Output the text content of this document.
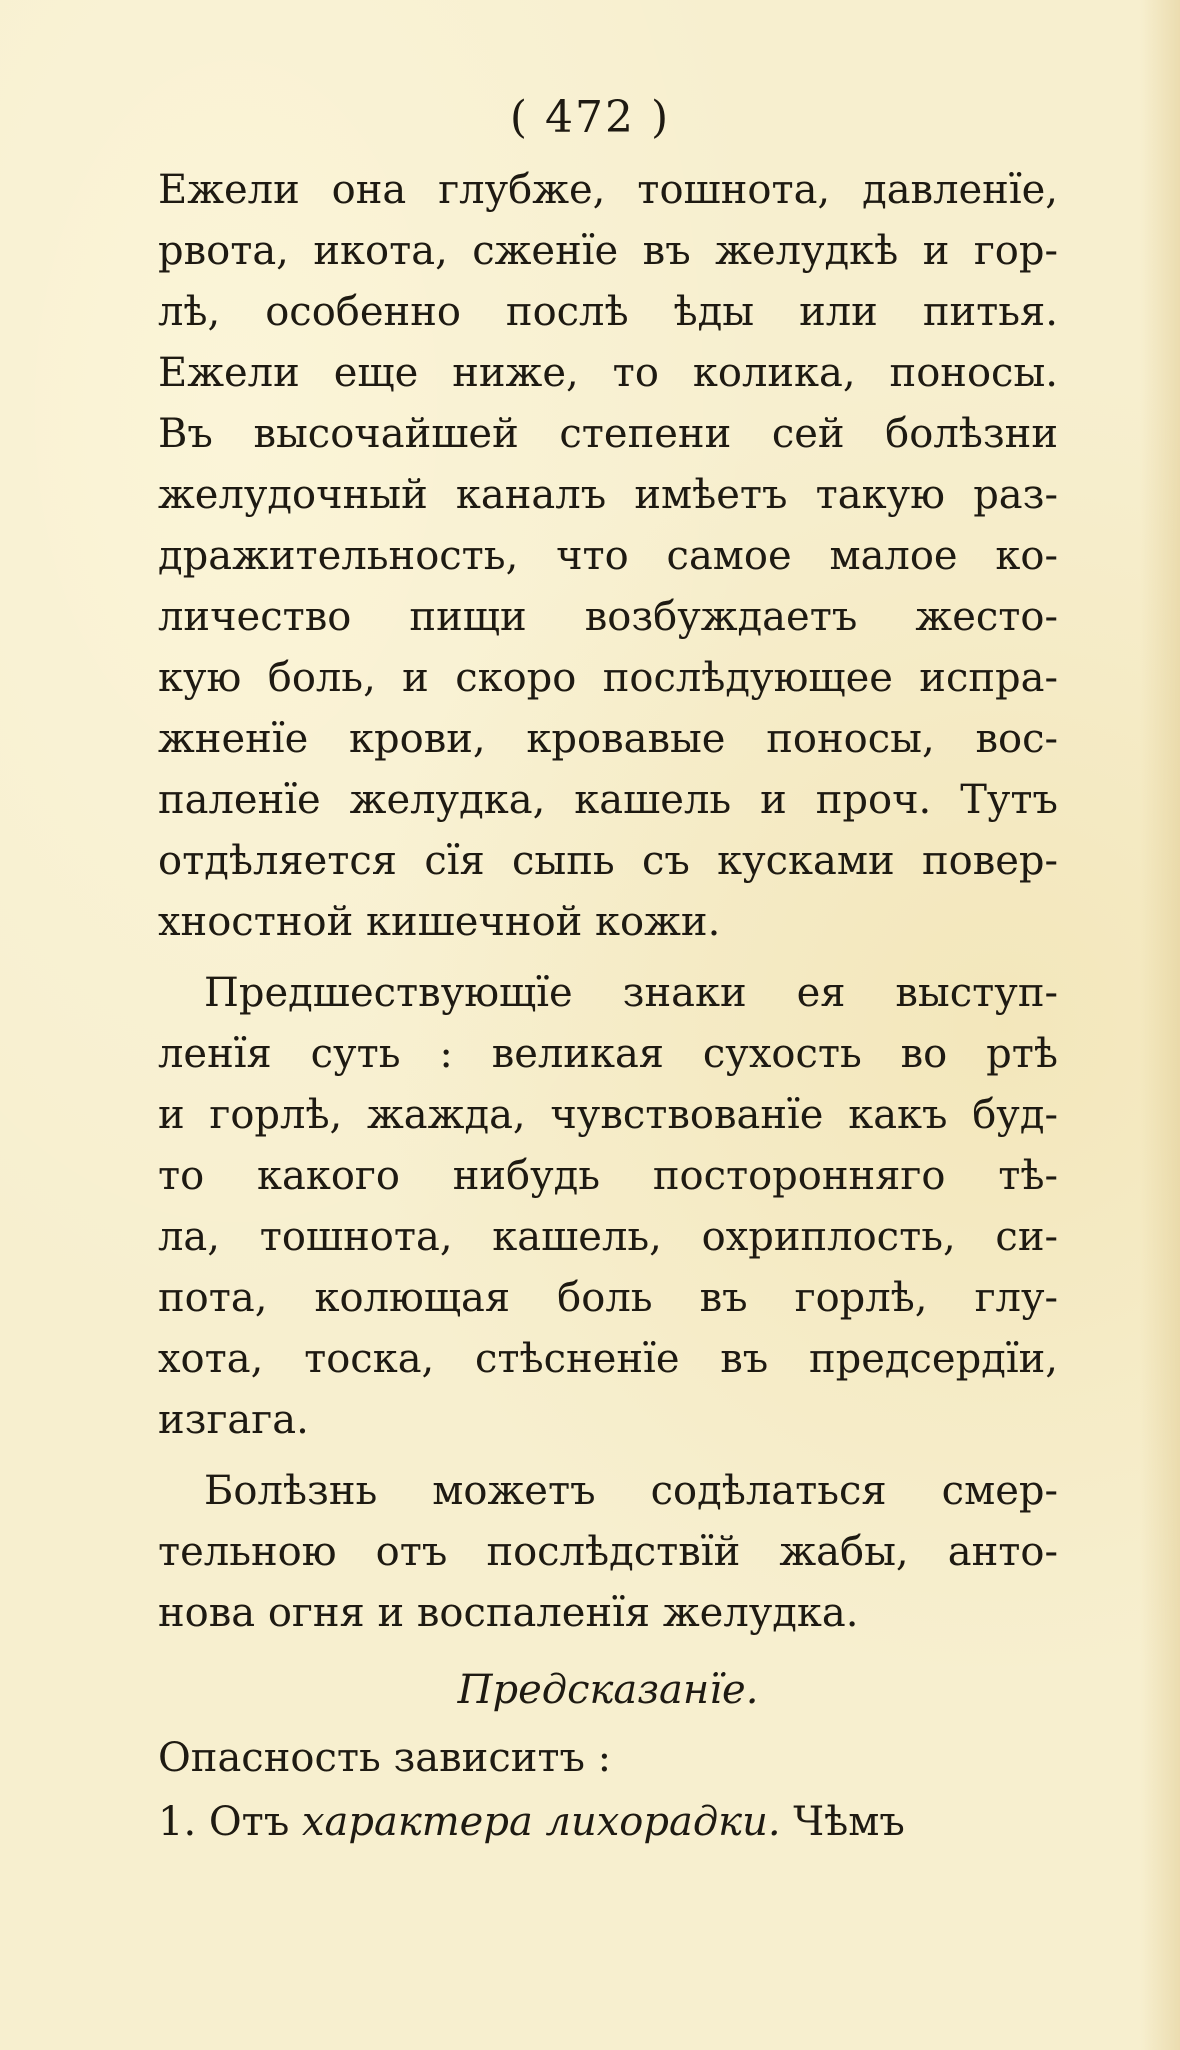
( 472 )
Ежели она глубже, тошнота, давленїе,
рвота, икота, сженїе въ желудкѣ и гор-
лѣ, особенно послѣ ѣды или питья.
Ежели еще ниже, то колика, поносы.
Въ высочайшей степени сей болѣзни
желудочный каналъ имѣетъ такую раз-
дражительность, что самое малое ко-
личество пищи возбуждаетъ жесто-
кую боль, и скоро послѣдующее испра-
жненїе крови, кровавые поносы, вос-
паленїе желудка, кашель и проч. Тутъ
отдѣляется сїя сыпь съ кусками повер-
хностной кишечной кожи.
Предшествующїе знаки ея выступ-
ленїя суть : великая сухость во ртѣ
и горлѣ, жажда, чувствованїе какъ буд-
то какого нибудь посторонняго тѣ-
ла, тошнота, кашель, охриплость, си-
пота, колющая боль въ горлѣ, глу-
хота, тоска, стѣсненїе въ предсердїи,
изгага.
Болѣзнь можетъ содѣлаться смер-
тельною отъ послѣдствїй жабы, антo-
нова огня и воспаленїя желудка.
Предсказанїе.
Опасность зависитъ :
1. Отъ характера лихорадки. Чѣмъ
